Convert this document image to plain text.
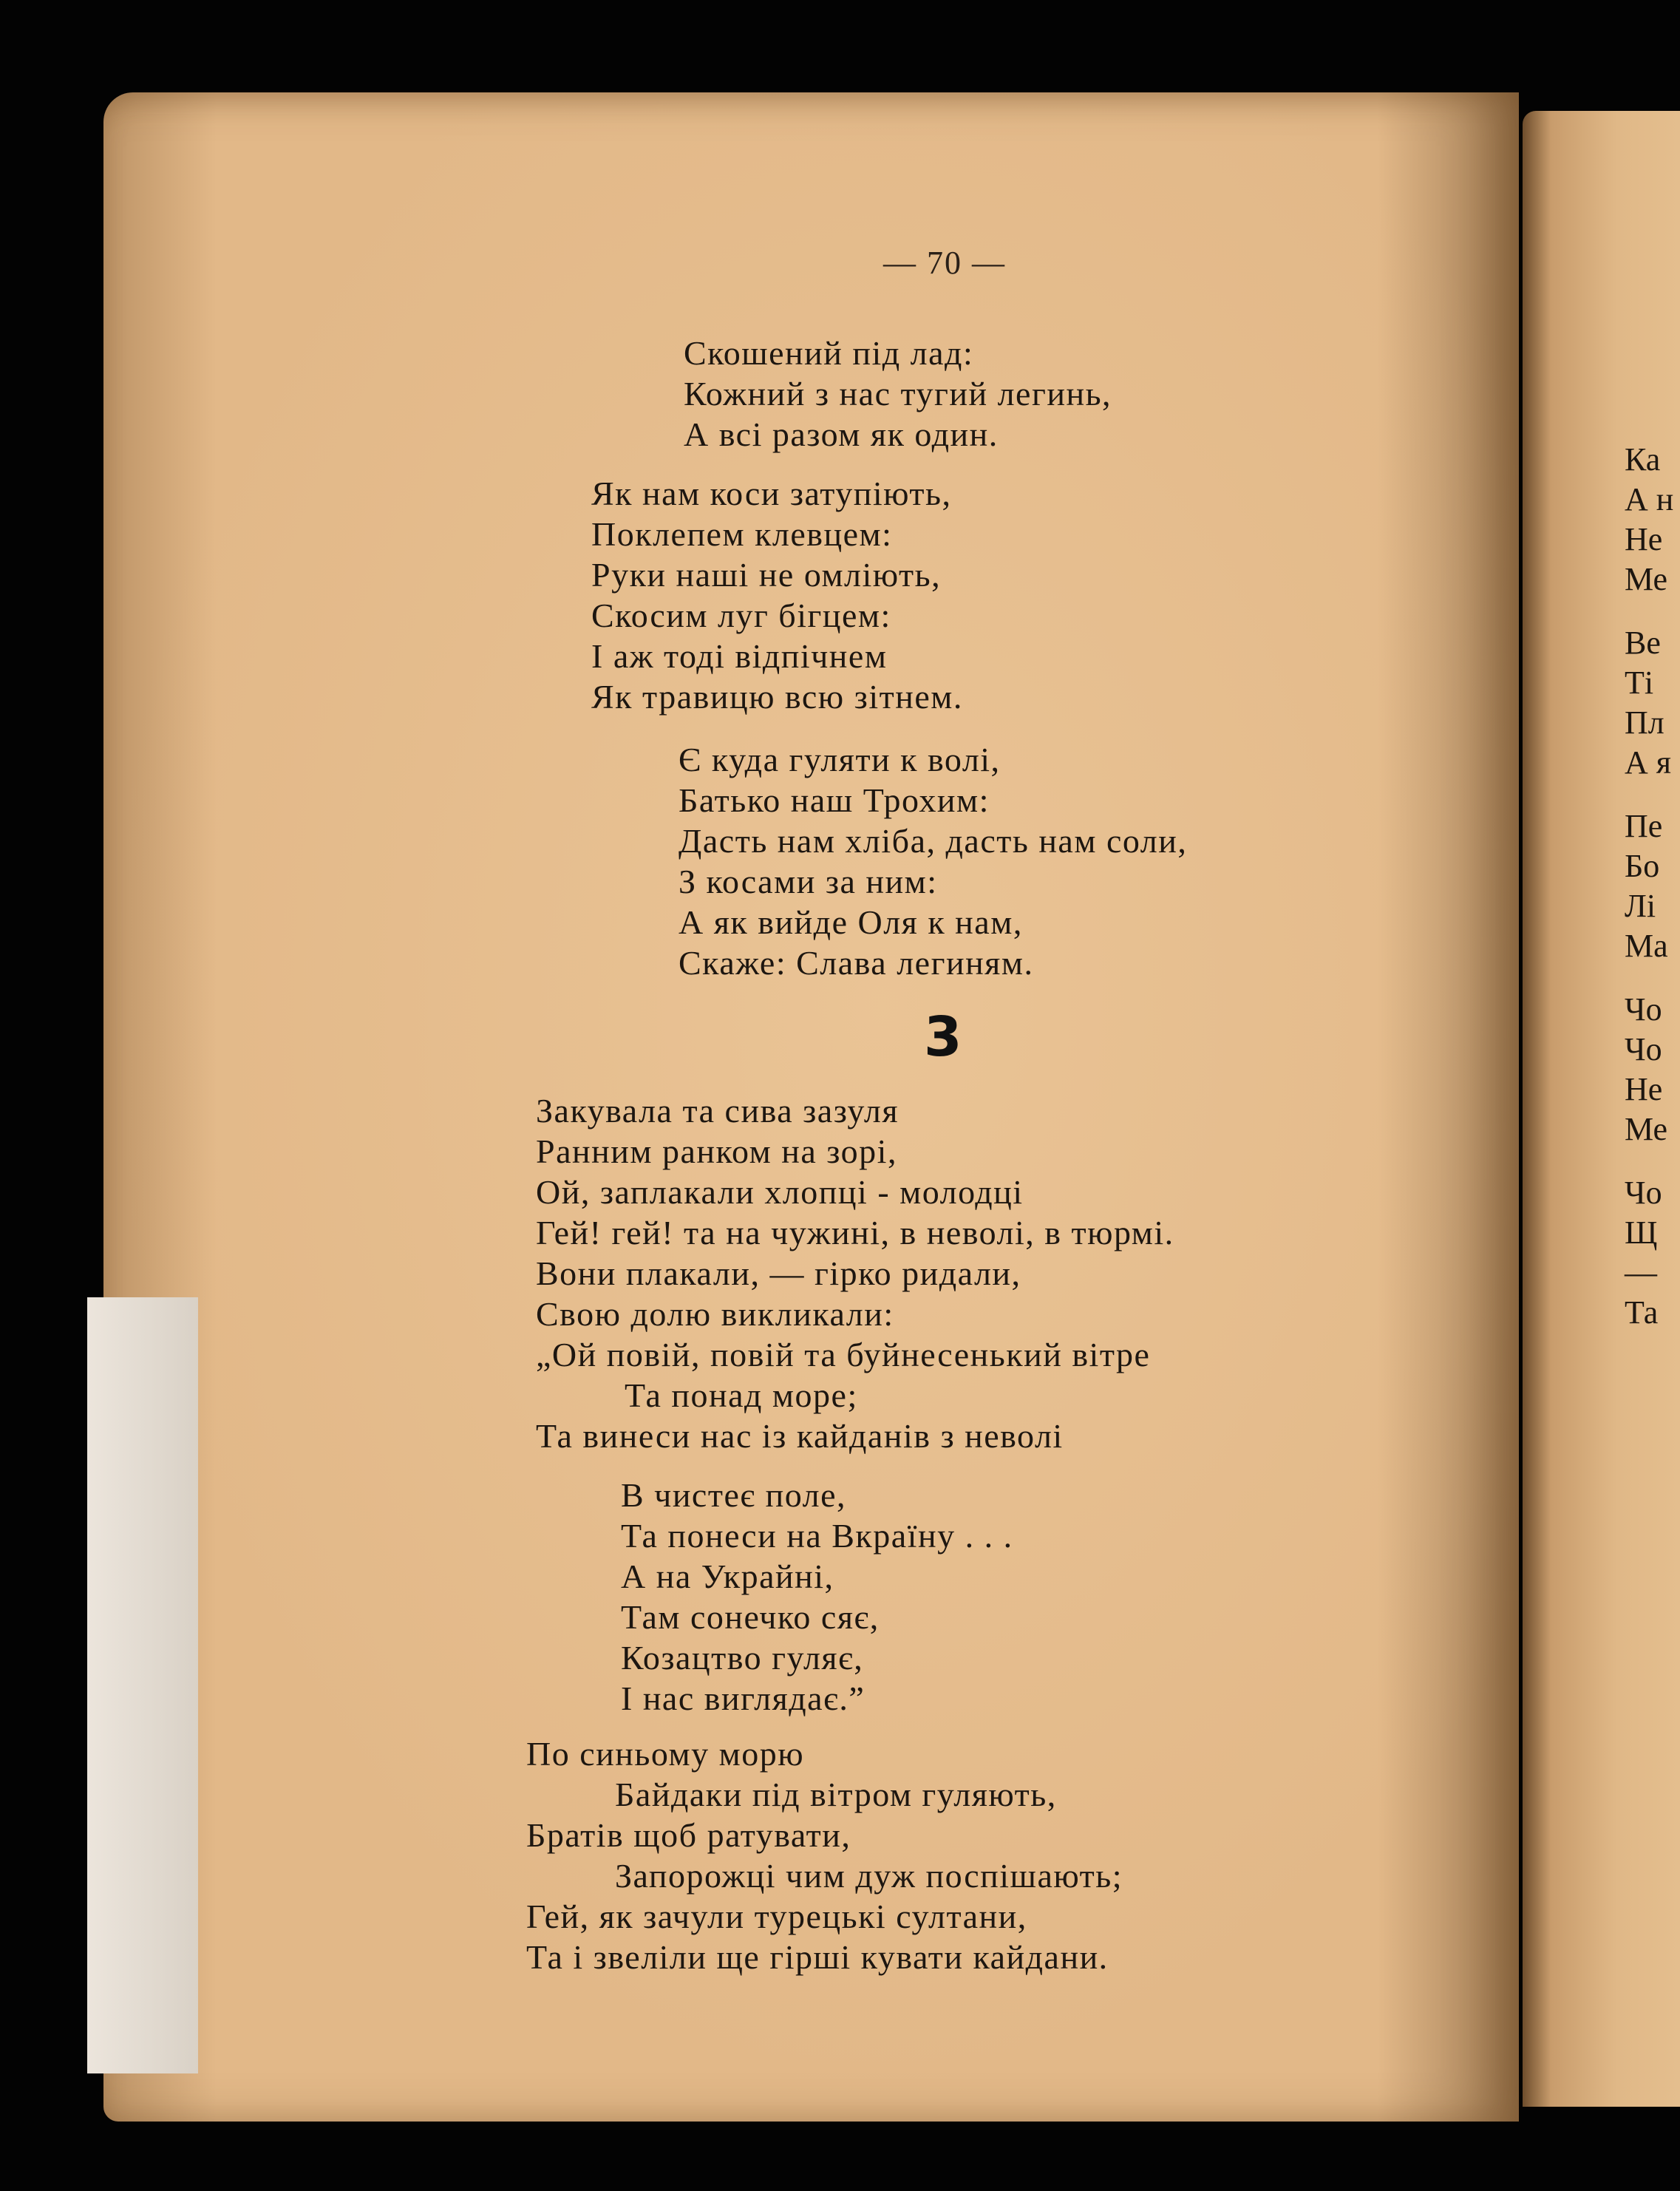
— 70 —
Скошений під лад:
Кожний з нас тугий легинь,
А всі разом як один.
Як нам коси затупіють,
Поклепем клевцем:
Руки наші не омліють,
Скосим луг бігцем:
І аж тоді відпічнем
Як травицю всю зітнем.
Є куда гуляти к волі,
Батько наш Трохим:
Дасть нам хліба, дасть нам соли,
З косами за ним:
А як вийде Оля к нам,
Скаже: Слава легиням.
3
Закувала та сива зазуля
Ранним ранком на зорі,
Ой, заплакали хлопці - молодці
Гей! гей! та на чужині, в неволі, в тюрмі.
Вони плакали, — гірко ридали,
Свою долю викликали:
„Ой повій, повій та буйнесенький вітре
Та понад море;
Та винеси нас із кайданів з неволі
В чистеє поле,
Та понеси на Вкраїну . . .
А на Украйні,
Там сонечко сяє,
Козацтво гуляє,
І нас виглядає.”
По синьому морю
Байдаки під вітром гуляють,
Братів щоб ратувати,
Запорожці чим дуж поспішають;
Гей, як зачули турецькі султани,
Та і звеліли ще гірші кувати кайдани.
Ка
А н
Не
Ме
Ве
Ті
Пл
А я
Пе
Бо
Лі
Ма
Чо
Чо
Не
Ме
Чо
Щ
—
Та
